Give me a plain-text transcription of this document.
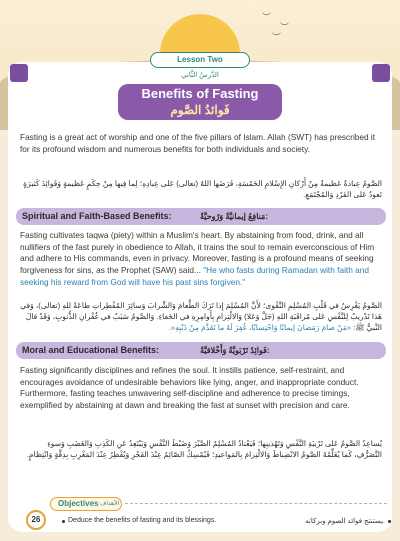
︶
︶
︶
Lesson Two
الدَّرسُ الثَّاني
Benefits of Fasting
فَوائدُ الصَّوم
Fasting is a great act of worship and one of the five pillars of Islam. Allah (SWT) has prescribed it for its profound wisdom and numerous benefits for both individuals and society.
الصَّومُ عِبادةٌ عَظيمةٌ مِنْ أَرْكانِ الإِسْلامِ الخَمْسَةِ، فَرَضَها اللهُ (تعالى) عَلى عِبادِهِ؛ لِما فِيها مِنْ حِكَمٍ عَظيمةٍ وَفَوائِدَ كَثيرَةٍ تَعودُ عَلى الفَرْدِ وَالمُجْتَمَعِ.
Spiritual and Faith-Based Benefits:	مَنافِعُ إيمانيَّةٌ وَرُوحيَّةٌ:
Fasting cultivates taqwa (piety) within a Muslim's heart. By abstaining from food, drink, and all nullifiers of the fast purely in obedience to Allah, it trains the soul to remain everconscious of Him and adhere to His commands, even in privacy. Moreover, fasting is a profound means of seeking forgiveness for sins, as the Prophet (SAW) said... "He who fasts during Ramadan with faith and seeking his reward from God will have his past sins forgiven."
الصَّومُ يَغْرِسُ في قَلْبِ المُسْلِمِ التَّقْوى؛ لأَنَّ المُسْلِمَ إِذا تَرَكَ الطَّعامَ وَالشَّرابَ وَسائِرَ المُفْطِراتِ طاعَةً للهِ (تعالى)، وَفي هَذا تَدْريبٌ لِلنَّفْسِ عَلى مُراقَبَةِ اللهِ (جَلَّ وَعَلا) وَالالْتِزامِ بِأَوامِرِهِ في الخَفاءِ. وَالصَّومُ سَبَبٌ في غُفْرانِ الذُّنوبِ، وَقَدْ قالَ النَّبيُّ ﷺ: «مَنْ صامَ رَمَضانَ إيمانًا وَاحْتِسابًا، غُفِرَ لَهُ ما تَقَدَّمَ مِنْ ذَنْبِهِ».
Moral and Educational Benefits:	فَوائِدُ تَرْبَويَّةٌ وَأَخْلاقيَّةٌ:
Fasting significantly disciplines and refines the soul. It instills patience, self-restraint, and encourages avoidance of undesirable behaviors like lying, anger, and inappropriate conduct. Furthermore, fasting teaches unwavering self-discipline and adherence to precise timings, exemplified by abstaining at dawn and breaking the fast at sunset with precision and care.
يُساعِدُ الصَّومُ عَلى تَرْبيَةِ النَّفْسِ وَتَهْذيبِها؛ فَيَعْتادُ المُسْلِمُ الصَّبْرَ وَضَبْطَ النَّفْسِ وَيَبْتَعِدُ عَنِ الكَذِبِ وَالغَضَبِ وَسوءِ التَّصَرُّفِ، كَما يُعَلِّمُهُ الصَّومُ الانْضِباطَ وَالالْتِزامَ بِالمَواعيدِ؛ فَيُمْسِكُ الصّائِمُ عِنْدَ الفَجْرِ وَيُفْطِرُ عِنْدَ المَغْرِبِ بِدِقَّةٍ وَانْتِظامٍ.
Objectives الأهداف
Deduce the benefits of fasting and its blessings.	يستنتج فوائد الصوم وبركاته.
26
